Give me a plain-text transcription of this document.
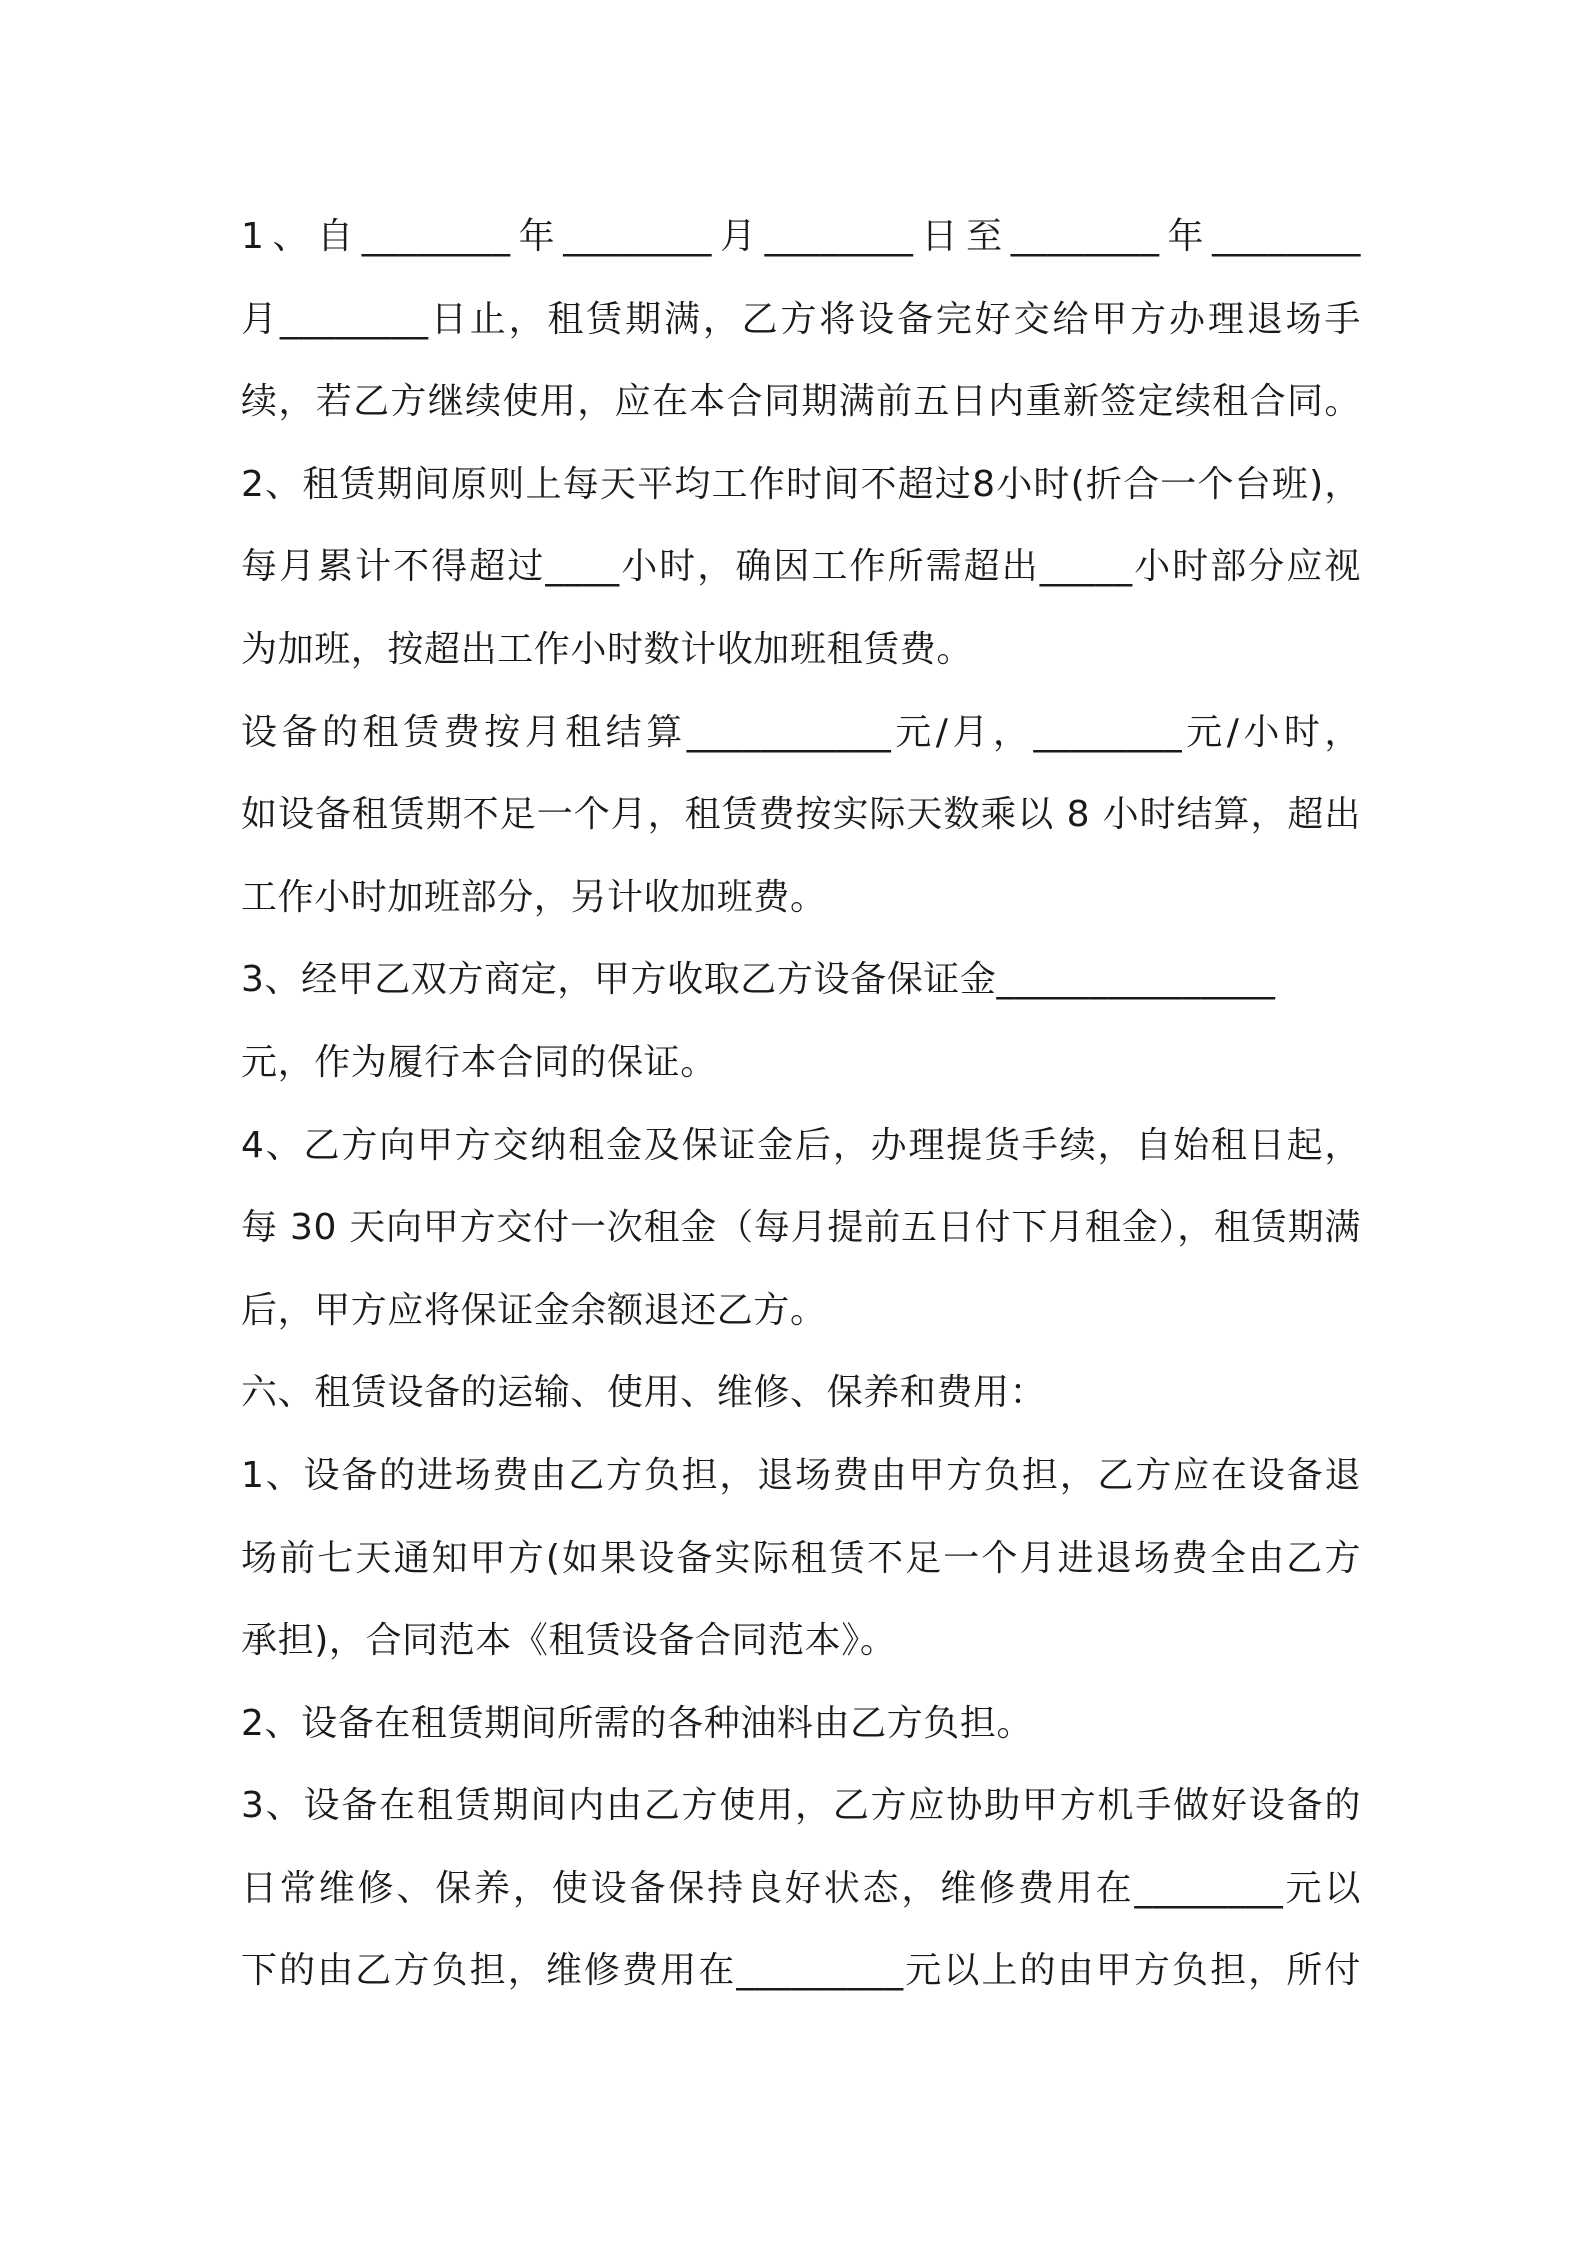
1、自________年________月________日至________年________
月________日止，租赁期满，乙方将设备完好交给甲方办理退场手
续，若乙方继续使用，应在本合同期满前五日内重新签定续租合同。
2、租赁期间原则上每天平均工作时间不超过8小时(折合一个台班)，
每月累计不得超过____小时，确因工作所需超出_____小时部分应视
为加班，按超出工作小时数计收加班租赁费。
设备的租赁费按月租结算___________元/月，________元/小时，
如设备租赁期不足一个月，租赁费按实际天数乘以 8 小时结算，超出
工作小时加班部分，另计收加班费。
3、经甲乙双方商定，甲方收取乙方设备保证金_______________
元，作为履行本合同的保证。
4、乙方向甲方交纳租金及保证金后，办理提货手续，自始租日起，
每 30 天向甲方交付一次租金（每月提前五日付下月租金），租赁期满
后，甲方应将保证金余额退还乙方。
六、租赁设备的运输、使用、维修、保养和费用：
1、设备的进场费由乙方负担，退场费由甲方负担，乙方应在设备退
场前七天通知甲方(如果设备实际租赁不足一个月进退场费全由乙方
承担)，合同范本《租赁设备合同范本》。
2、设备在租赁期间所需的各种油料由乙方负担。
3、设备在租赁期间内由乙方使用，乙方应协助甲方机手做好设备的
日常维修、保养，使设备保持良好状态，维修费用在________元以
下的由乙方负担，维修费用在_________元以上的由甲方负担，所付
